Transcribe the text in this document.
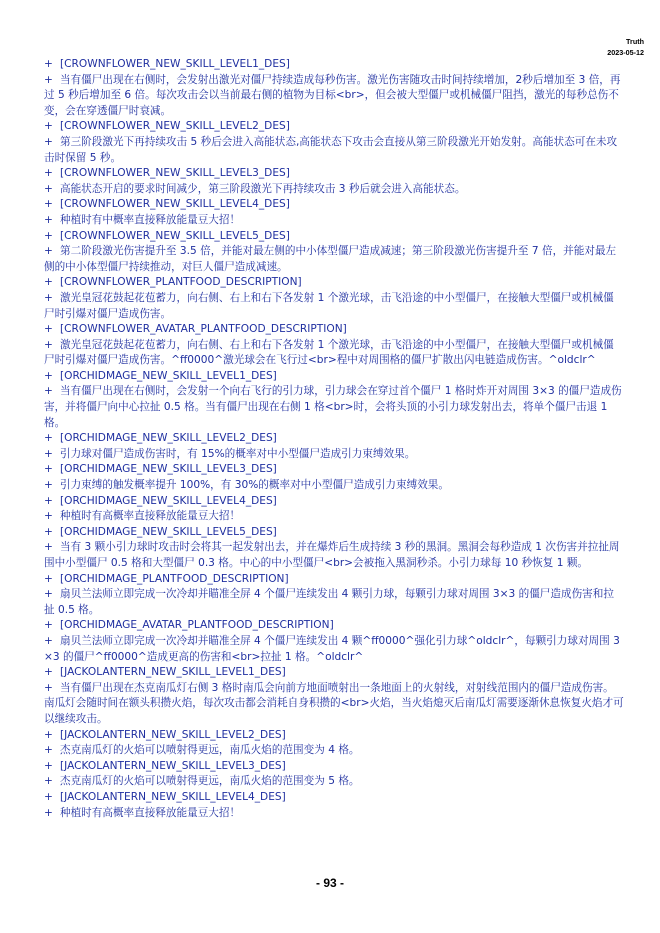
Truth
2023-05-12

+ [CROWNFLOWER_NEW_SKILL_LEVEL1_DES]

+ 当有僵尸出现在右侧时，会发射出激光对僵尸持续造成每秒伤害。激光伤害随攻击时间持续增加，2秒后增加至 3 倍，再过 5 秒后增加至 6 倍。每次攻击会以当前最右侧的植物为目标<br>，但会被大型僵尸或机械僵尸阻挡，激光的每秒总伤不变，会在穿透僵尸时衰减。

+ [CROWNFLOWER_NEW_SKILL_LEVEL2_DES]

+ 第三阶段激光下再持续攻击 5 秒后会进入高能状态,高能状态下攻击会直接从第三阶段激光开始发射。高能状态可在未攻击时保留 5 秒。

+ [CROWNFLOWER_NEW_SKILL_LEVEL3_DES]

+ 高能状态开启的要求时间减少，第三阶段激光下再持续攻击 3 秒后就会进入高能状态。

+ [CROWNFLOWER_NEW_SKILL_LEVEL4_DES]

+ 种植时有中概率直接释放能量豆大招！

+ [CROWNFLOWER_NEW_SKILL_LEVEL5_DES]

+ 第二阶段激光伤害提升至 3.5 倍，并能对最左侧的中小体型僵尸造成减速；第三阶段激光伤害提升至 7 倍，并能对最左侧的中小体型僵尸持续推动，对巨人僵尸造成减速。

+ [CROWNFLOWER_PLANTFOOD_DESCRIPTION]

+ 激光皇冠花鼓起花苞蓄力，向右侧、右上和右下各发射 1 个激光球，击飞沿途的中小型僵尸，在接触大型僵尸或机械僵尸时引爆对僵尸造成伤害。

+ [CROWNFLOWER_AVATAR_PLANTFOOD_DESCRIPTION]

+ 激光皇冠花鼓起花苞蓄力，向右侧、右上和右下各发射 1 个激光球，击飞沿途的中小型僵尸，在接触大型僵尸或机械僵尸时引爆对僵尸造成伤害。^ff0000^激光球会在飞行过<br>程中对周围格的僵尸扩散出闪电链造成伤害。^oldclr^

+ [ORCHIDMAGE_NEW_SKILL_LEVEL1_DES]

+ 当有僵尸出现在右侧时，会发射一个向右飞行的引力球，引力球会在穿过首个僵尸 1 格时炸开对周围 3×3 的僵尸造成伤害，并将僵尸向中心拉扯 0.5 格。当有僵尸出现在右侧 1 格<br>时，会将头顶的小引力球发射出去，将单个僵尸击退 1 格。

+ [ORCHIDMAGE_NEW_SKILL_LEVEL2_DES]

+ 引力球对僵尸造成伤害时，有 15%的概率对中小型僵尸造成引力束缚效果。

+ [ORCHIDMAGE_NEW_SKILL_LEVEL3_DES]

+ 引力束缚的触发概率提升 100%，有 30%的概率对中小型僵尸造成引力束缚效果。

+ [ORCHIDMAGE_NEW_SKILL_LEVEL4_DES]

+ 种植时有高概率直接释放能量豆大招！

+ [ORCHIDMAGE_NEW_SKILL_LEVEL5_DES]

+ 当有 3 颗小引力球时攻击时会将其一起发射出去，并在爆炸后生成持续 3 秒的黑洞。黑洞会每秒造成 1 次伤害并拉扯周围中小型僵尸 0.5 格和大型僵尸 0.3 格。中心的中小型僵尸<br>会被拖入黑洞秒杀。小引力球每 10 秒恢复 1 颗。

+ [ORCHIDMAGE_PLANTFOOD_DESCRIPTION]

+ 扇贝兰法师立即完成一次冷却并瞄准全屏 4 个僵尸连续发出 4 颗引力球，每颗引力球对周围 3×3 的僵尸造成伤害和拉扯 0.5 格。

+ [ORCHIDMAGE_AVATAR_PLANTFOOD_DESCRIPTION]

+ 扇贝兰法师立即完成一次冷却并瞄准全屏 4 个僵尸连续发出 4 颗^ff0000^强化引力球^oldclr^，每颗引力球对周围 3×3 的僵尸^ff0000^造成更高的伤害和<br>拉扯 1 格。^oldclr^

+ [JACKOLANTERN_NEW_SKILL_LEVEL1_DES]

+ 当有僵尸出现在杰克南瓜灯右侧 3 格时南瓜会向前方地面喷射出一条地面上的火射线，对射线范围内的僵尸造成伤害。南瓜灯会随时间在额头积攒火焰，每次攻击都会消耗自身积攒的<br>火焰，当火焰熄灭后南瓜灯需要逐渐休息恢复火焰才可以继续攻击。

+ [JACKOLANTERN_NEW_SKILL_LEVEL2_DES]

+ 杰克南瓜灯的火焰可以喷射得更远，南瓜火焰的范围变为 4 格。

+ [JACKOLANTERN_NEW_SKILL_LEVEL3_DES]

+ 杰克南瓜灯的火焰可以喷射得更远，南瓜火焰的范围变为 5 格。

+ [JACKOLANTERN_NEW_SKILL_LEVEL4_DES]

+ 种植时有高概率直接释放能量豆大招！

- 93 -
